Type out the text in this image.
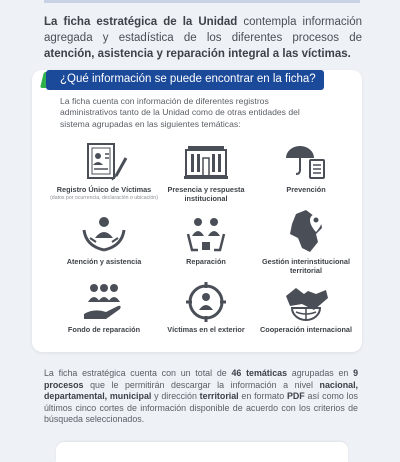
La ficha estratégica de la Unidad contempla información agregada y estadística de los diferentes procesos de atención, asistencia y reparación integral a las víctimas.

¿Qué información se puede encontrar en la ficha?
La ficha cuenta con información de diferentes registros administrativos tanto de la Unidad como de otras entidades del sistema agrupadas en las siguientes temáticas:
Registro Único de Víctimas
(datos por ocurrencia, declaración o ubicación)
Presencia y respuesta institucional
Prevención
Atención y asistencia	Reparación	Gestión interinstitucional territorial
Fondo de reparación	Víctimas en el exterior	Cooperación internacional

La ficha estratégica cuenta con un total de 46 temáticas agrupadas en 9 procesos que le permitirán descargar la información a nivel nacional, departamental, municipal y dirección territorial en formato PDF así como los últimos cinco cortes de información disponible de acuerdo con los criterios de búsqueda seleccionados.
